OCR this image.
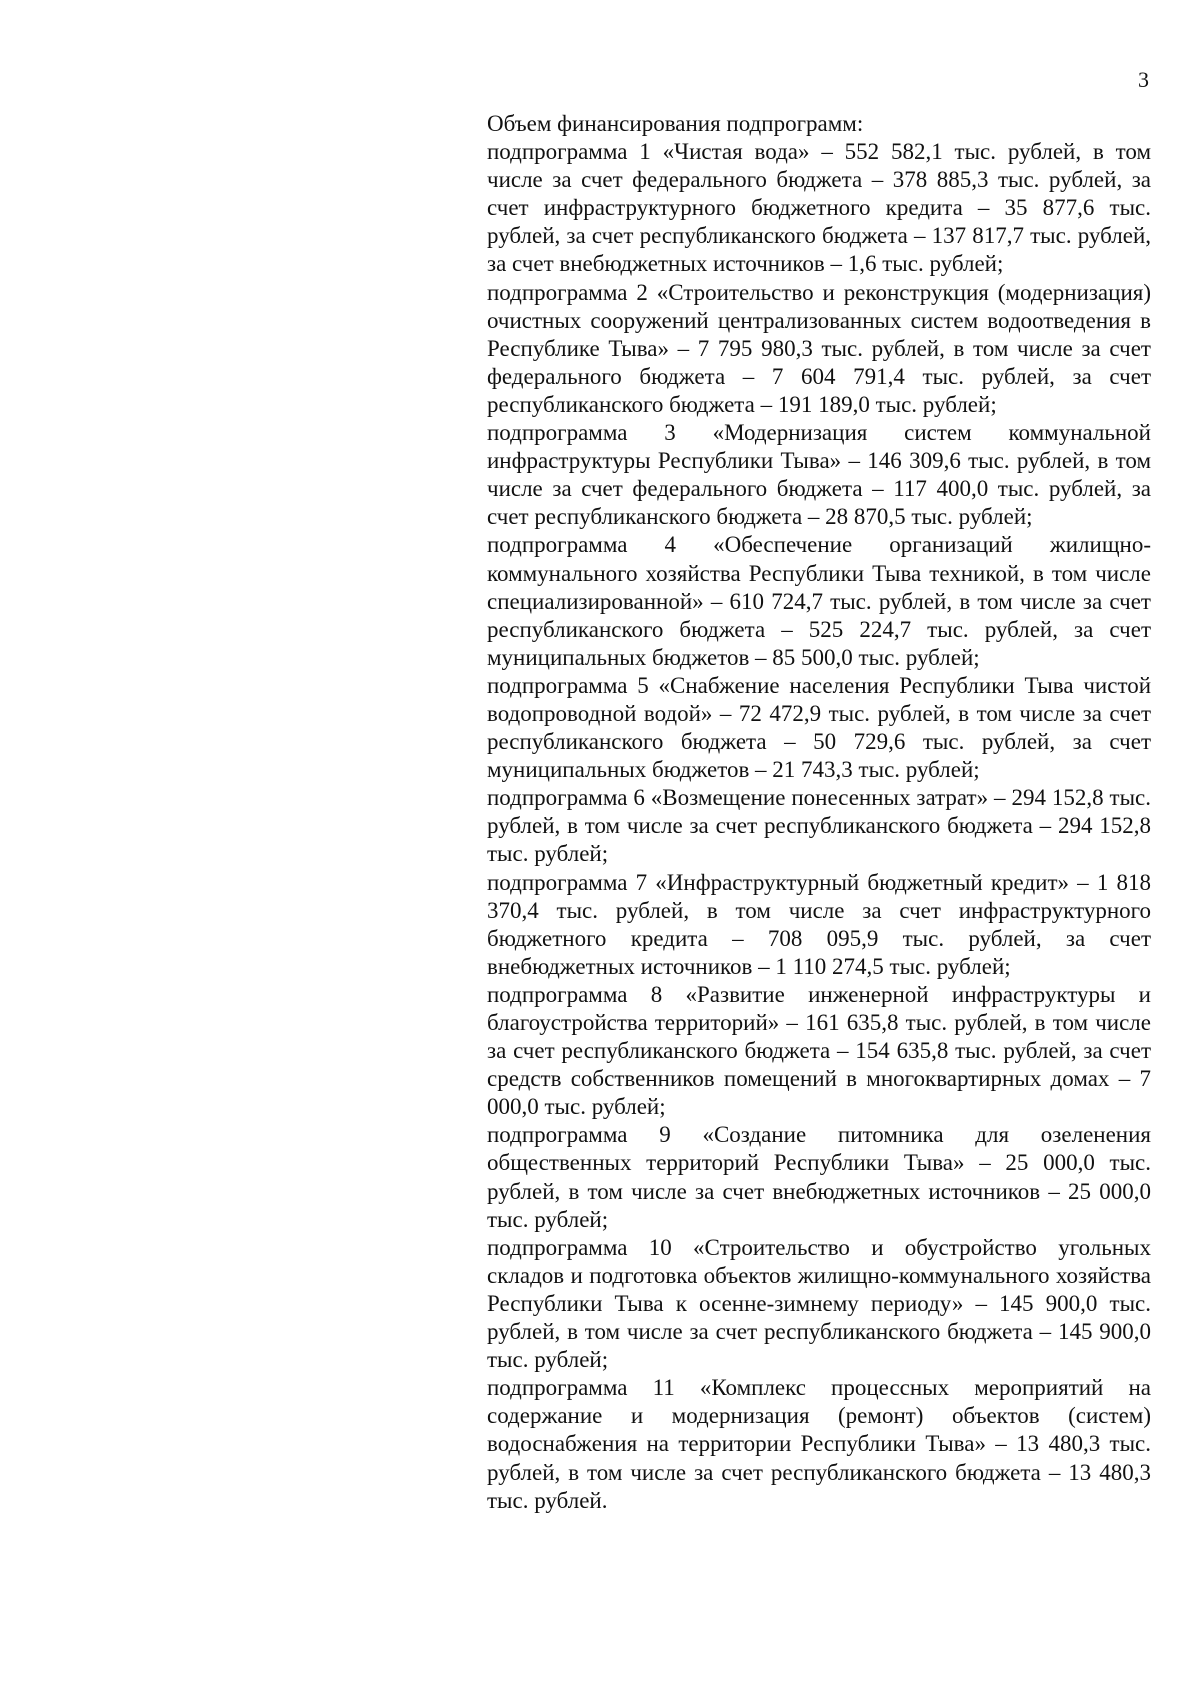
3

Объем финансирования подпрограмм:

подпрограмма 1 «Чистая вода» – 552 582,1 тыс. рублей, в том числе за счет федерального бюджета – 378 885,3 тыс. рублей, за счет инфраструктурного бюджетного кредита – 35 877,6 тыс. рублей, за счет республиканского бюджета – 137 817,7 тыс. рублей, за счет внебюджетных источников – 1,6 тыс. рублей;

подпрограмма 2 «Строительство и реконструкция (модернизация) очистных сооружений централизованных систем водоотведения в Республике Тыва» – 7 795 980,3 тыс. рублей, в том числе за счет федерального бюджета – 7 604 791,4 тыс. рублей, за счет республиканского бюджета – 191 189,0 тыс. рублей;

подпрограмма 3 «Модернизация систем коммунальной инфраструктуры Республики Тыва» – 146 309,6 тыс. рублей, в том числе за счет федерального бюджета – 117 400,0 тыс. рублей, за счет республиканского бюджета – 28 870,5 тыс. рублей;

подпрограмма 4 «Обеспечение организаций жилищно-коммунального хозяйства Республики Тыва техникой, в том числе специализированной» – 610 724,7 тыс. рублей, в том числе за счет республиканского бюджета – 525 224,7 тыс. рублей, за счет муниципальных бюджетов – 85 500,0 тыс. рублей;

подпрограмма 5 «Снабжение населения Республики Тыва чистой водопроводной водой» – 72 472,9 тыс. рублей, в том числе за счет республиканского бюджета – 50 729,6 тыс. рублей, за счет муниципальных бюджетов – 21 743,3 тыс. рублей;

подпрограмма 6 «Возмещение понесенных затрат» – 294 152,8 тыс. рублей, в том числе за счет республиканского бюджета – 294 152,8 тыс. рублей;

подпрограмма 7 «Инфраструктурный бюджетный кредит» – 1 818 370,4 тыс. рублей, в том числе за счет инфраструктурного бюджетного кредита – 708 095,9 тыс. рублей, за счет внебюджетных источников – 1 110 274,5 тыс. рублей;

подпрограмма 8 «Развитие инженерной инфраструктуры и благоустройства территорий» – 161 635,8 тыс. рублей, в том числе за счет республиканского бюджета – 154 635,8 тыс. рублей, за счет средств собственников помещений в многоквартирных домах – 7 000,0 тыс. рублей;

подпрограмма 9 «Создание питомника для озеленения общественных территорий Республики Тыва» – 25 000,0 тыс. рублей, в том числе за счет внебюджетных источников – 25 000,0 тыс. рублей;

подпрограмма 10 «Строительство и обустройство угольных складов и подготовка объектов жилищно-коммунального хозяйства Республики Тыва к осенне-зимнему периоду» – 145 900,0 тыс. рублей, в том числе за счет республиканского бюджета – 145 900,0 тыс. рублей;

подпрограмма 11 «Комплекс процессных мероприятий на содержание и модернизация (ремонт) объектов (систем) водоснабжения на территории Республики Тыва» – 13 480,3 тыс. рублей, в том числе за счет республиканского бюджета – 13 480,3 тыс. рублей.
